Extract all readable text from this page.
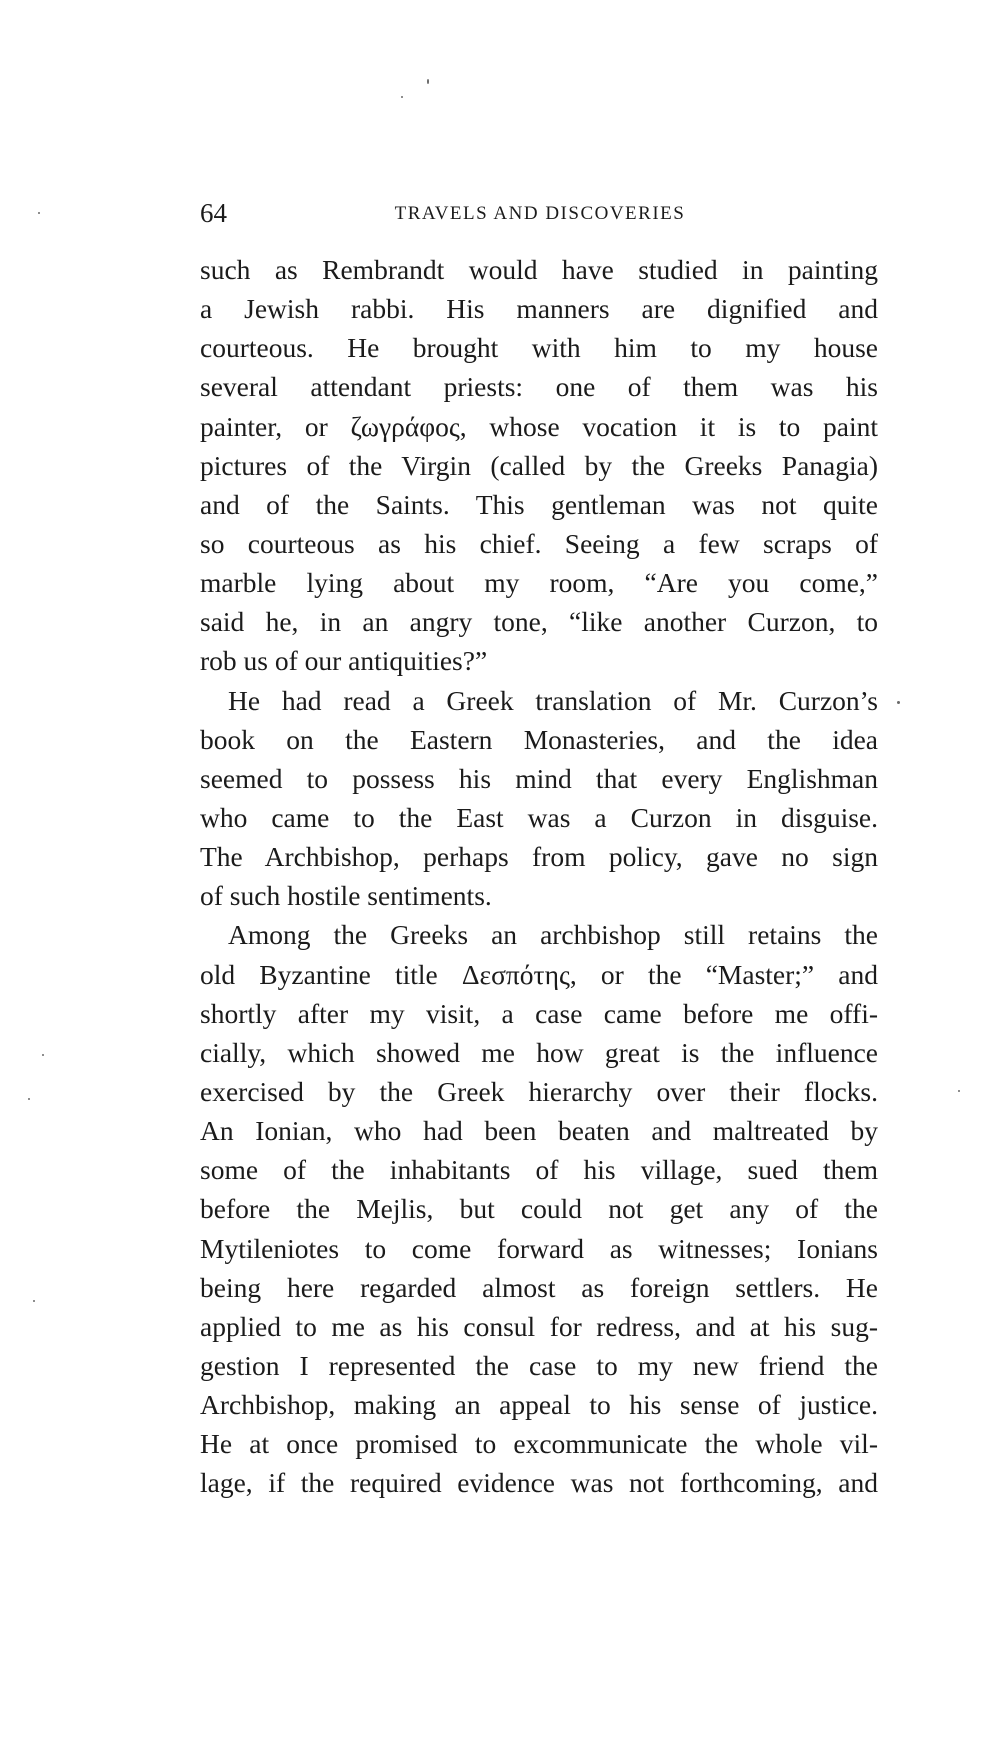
64	TRAVELS AND DISCOVERIES
such as Rembrandt would have studied in painting
a Jewish rabbi. His manners are dignified and
courteous. He brought with him to my house
several attendant priests: one of them was his
painter, or ζωγράφος, whose vocation it is to paint
pictures of the Virgin (called by the Greeks Panagia)
and of the Saints. This gentleman was not quite
so courteous as his chief. Seeing a few scraps of
marble lying about my room, “Are you come,”
said he, in an angry tone, “like another Curzon, to
rob us of our antiquities?”
He had read a Greek translation of Mr. Curzon’s
book on the Eastern Monasteries, and the idea
seemed to possess his mind that every Englishman
who came to the East was a Curzon in disguise.
The Archbishop, perhaps from policy, gave no sign
of such hostile sentiments.
Among the Greeks an archbishop still retains the
old Byzantine title Δεσπότης, or the “Master;” and
shortly after my visit, a case came before me offi-
cially, which showed me how great is the influence
exercised by the Greek hierarchy over their flocks.
An Ionian, who had been beaten and maltreated by
some of the inhabitants of his village, sued them
before the Mejlis, but could not get any of the
Mytileniotes to come forward as witnesses; Ionians
being here regarded almost as foreign settlers. He
applied to me as his consul for redress, and at his sug-
gestion I represented the case to my new friend the
Archbishop, making an appeal to his sense of justice.
He at once promised to excommunicate the whole vil-
lage, if the required evidence was not forthcoming, and
